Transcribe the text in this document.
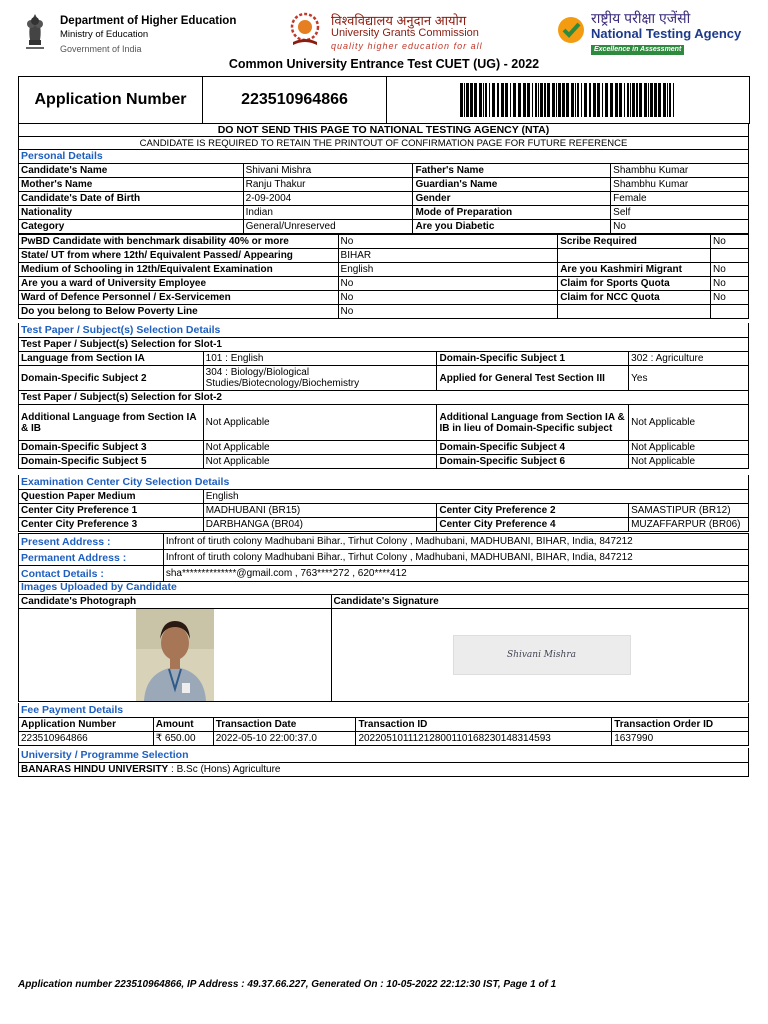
Department of Higher Education
Ministry of Education
Government of India
विश्वविद्यालय अनुदान आयोग
University Grants Commission
quality higher education for all
राष्ट्रीय परीक्षा एजेंसी
National Testing Agency
Excellence in Assessment
Common University Entrance Test CUET (UG) - 2022
Application Number	223510964866	
DO NOT SEND THIS PAGE TO NATIONAL TESTING AGENCY (NTA)
CANDIDATE IS REQUIRED TO RETAIN THE PRINTOUT OF CONFIRMATION PAGE FOR FUTURE REFERENCE
Personal Details
Candidate's Name	Shivani Mishra	Father's Name	Shambhu Kumar
Mother's Name	Ranju Thakur	Guardian's Name	Shambhu Kumar
Candidate's Date of Birth	2-09-2004	Gender	Female
Nationality	Indian	Mode of Preparation	Self
Category	General/Unreserved	Are you Diabetic	No
PwBD Candidate with benchmark disability 40% or more	No	Scribe Required	No
State/ UT from where 12th/ Equivalent Passed/ Appearing	BIHAR		
Medium of Schooling in 12th/Equivalent Examination	English	Are you Kashmiri Migrant	No
Are you a ward of University Employee	No	Claim for Sports Quota	No
Ward of Defence Personnel / Ex-Servicemen	No	Claim for NCC Quota	No
Do you belong to Below Poverty Line	No		
Test Paper / Subject(s) Selection Details
Test Paper / Subject(s) Selection for Slot-1			
Language from Section IA	101 : English	Domain-Specific Subject 1	302 : Agriculture
Domain-Specific Subject 2	304 : Biology/Biological Studies/Biotecnology/Biochemistry	Applied for General Test Section III	Yes
Test Paper / Subject(s) Selection for Slot-2			
Additional Language from Section IA & IB	Not Applicable	Additional Language from Section IA & IB in lieu of Domain-Specific subject	Not Applicable
Domain-Specific Subject 3	Not Applicable	Domain-Specific Subject 4	Not Applicable
Domain-Specific Subject 5	Not Applicable	Domain-Specific Subject 6	Not Applicable
Examination Center City Selection Details
Question Paper Medium	English		
Center City Preference 1	MADHUBANI (BR15)	Center City Preference 2	SAMASTIPUR (BR12)
Center City Preference 3	DARBHANGA (BR04)	Center City Preference 4	MUZAFFARPUR (BR06)
Present Address :	Infront of tiruth colony Madhubani Bihar., Tirhut Colony , Madhubani, MADHUBANI, BIHAR, India, 847212
Permanent Address :	Infront of tiruth colony Madhubani Bihar., Tirhut Colony , Madhubani, MADHUBANI, BIHAR, India, 847212
Contact Details :	sha**************@gmail.com , 763****272 , 620****412
Images Uploaded by Candidate
Candidate's Photograph	Candidate's Signature

Shivani Mishra
Fee Payment Details
Application Number	Amount	Transaction Date	Transaction ID	Transaction Order ID
223510964866	₹ 650.00	2022-05-10 22:00:37.0	20220510111212800110168230148314593	1637990
University / Programme Selection
BANARAS HINDU UNIVERSITY : B.Sc (Hons) Agriculture
Application number 223510964866, IP Address : 49.37.66.227, Generated On : 10-05-2022 22:12:30 IST, Page 1 of 1
